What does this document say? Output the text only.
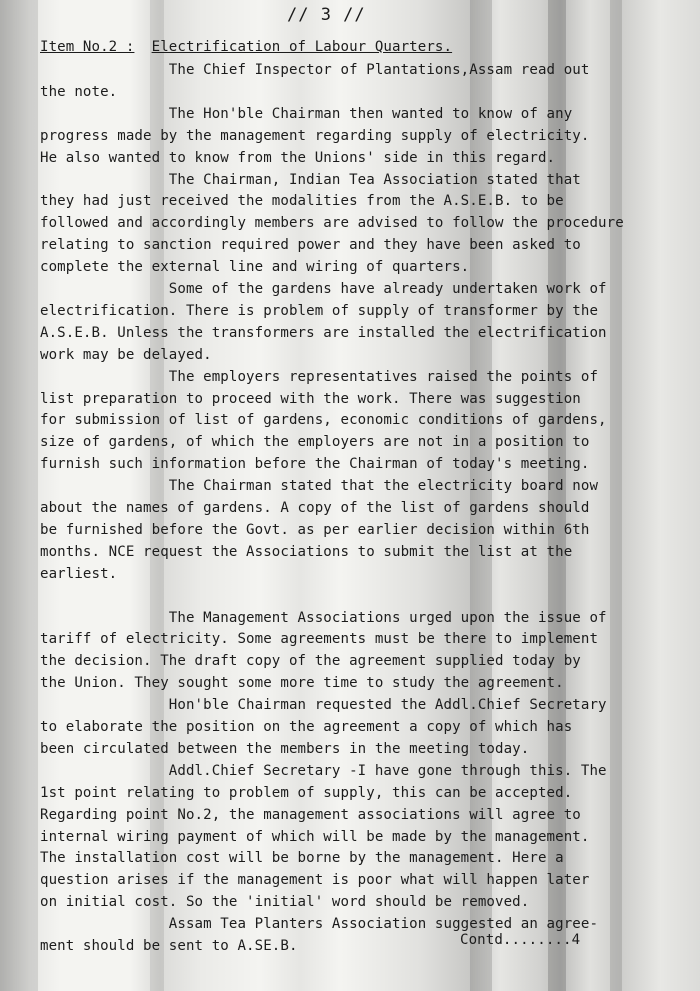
// 3 //
Item No.2 : Electrification of Labour Quarters.
The Chief Inspector of Plantations,Assam read out
the note.
The Hon'ble Chairman then wanted to know of any
progress made by the management regarding supply of electricity.
He also wanted to know from the Unions' side in this regard.
The Chairman, Indian Tea Association stated that
they had just received the modalities from the A.S.E.B. to be
followed and accordingly members are advised to follow the procedure
relating to sanction required power and they have been asked to
complete the external line and wiring of quarters.
Some of the gardens have already undertaken work of
electrification. There is problem of supply of transformer by the
A.S.E.B. Unless the transformers are installed the electrification
work may be delayed.
The employers representatives raised the points of
list preparation to proceed with the work. There was suggestion
for submission of list of gardens, economic conditions of gardens,
size of gardens, of which the employers are not in a position to
furnish such information before the Chairman of today's meeting.
The Chairman stated that the electricity board now
about the names of gardens. A copy of the list of gardens should
be furnished before the Govt. as per earlier decision within 6th
months. NCE request the Associations to submit the list at the
earliest.
The Management Associations urged upon the issue of
tariff of electricity. Some agreements must be there to implement
the decision. The draft copy of the agreement supplied today by
the Union. They sought some more time to study the agreement.
Hon'ble Chairman requested the Addl.Chief Secretary
to elaborate the position on the agreement a copy of which has
been circulated between the members in the meeting today.
Addl.Chief Secretary -I have gone through this. The
1st point relating to problem of supply, this can be accepted.
Regarding point No.2, the management associations will agree to
internal wiring payment of which will be made by the management.
The installation cost will be borne by the management. Here a
question arises if the management is poor what will happen later
on initial cost. So the 'initial' word should be removed.
Assam Tea Planters Association suggested an agree-
ment should be sent to A.SE.B.	Contd........4
